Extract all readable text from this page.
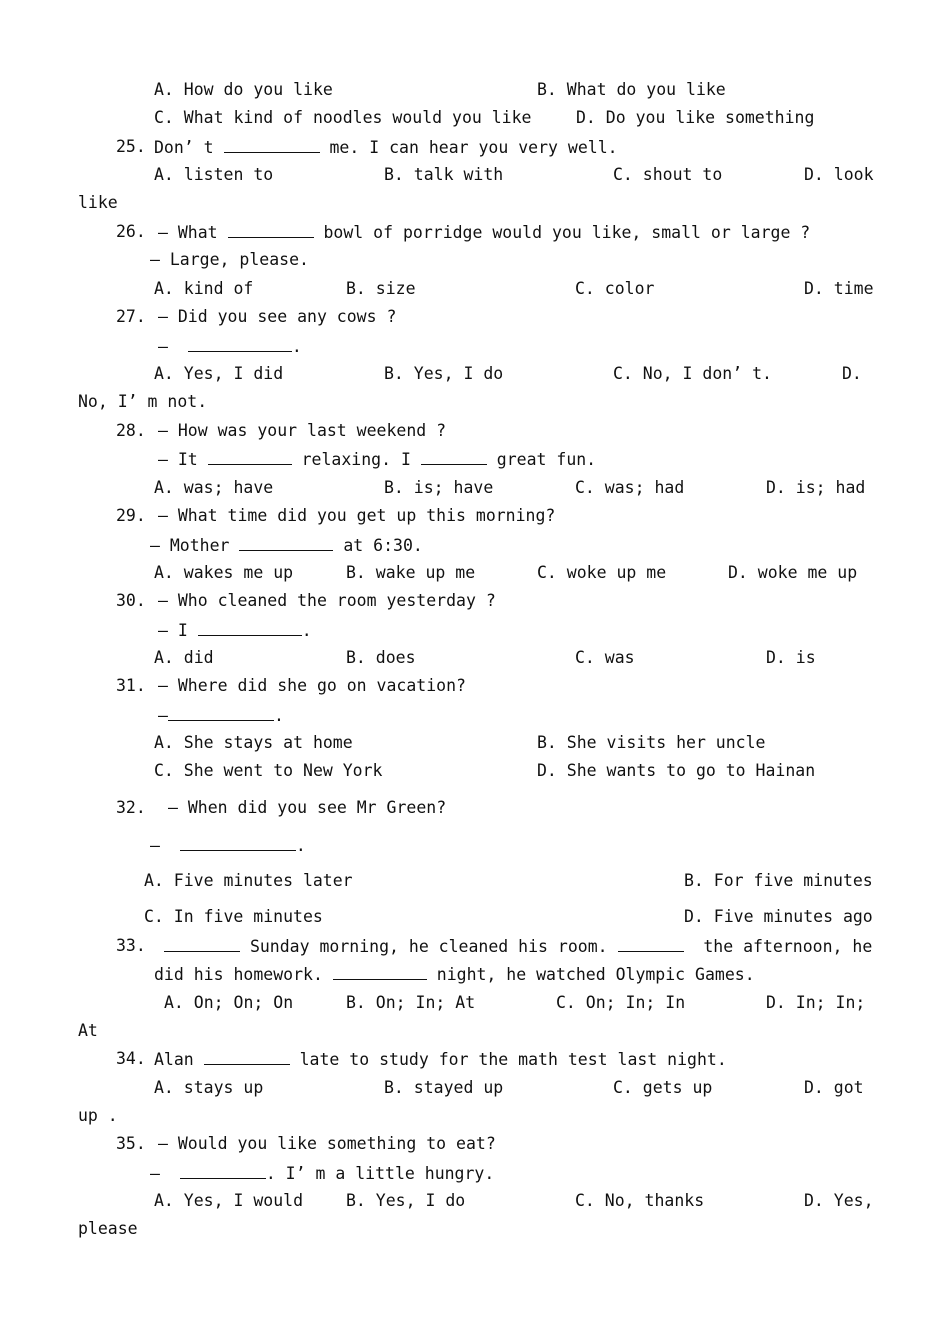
A. How do you like	B. What do you like
C. What kind of noodles would you like	D. Do you like something
25. Don’ t	me. I can hear you very well.
A. listen to	B. talk with	C. shout to	D. look
like
26. – What	bowl of porridge would you like, small or large ?
– Large, please.
A. kind of	B. size	C. color	D. time
27. – Did you see any cows ?
–	.
A. Yes, I did	B. Yes, I do	C. No, I don’ t.	D.
No, I’ m not.
28. – How was your last weekend ?
– It	relaxing. I	great fun.
A. was; have	B. is; have	C. was; had	D. is; had
29. – What time did you get up this morning?
– Mother	at 6:30.
A. wakes me up	B. wake up me	C. woke up me	D. woke me up
30. – Who cleaned the room yesterday ?
– I	.
A. did	B. does	C. was	D. is
31. – Where did she go on vacation?
–	.
A. She stays at home	B. She visits her uncle
C. She went to New York	D. She wants to go to Hainan
32. – When did you see Mr Green?
–	.
A. Five minutes later	B. For five minutes
C. In five minutes	D. Five minutes ago
33.	Sunday morning, he cleaned his room.	the afternoon, he
did his homework.	night, he watched Olympic Games.
A. On; On; On	B. On; In; At	C. On; In; In	D. In; In;
At
34. Alan	late to study for the math test last night.
A. stays up	B. stayed up	C. gets up	D. got
up .
35. – Would you like something to eat?
–	. I’ m a little hungry.
A. Yes, I would	B. Yes, I do	C. No, thanks	D. Yes,
please
